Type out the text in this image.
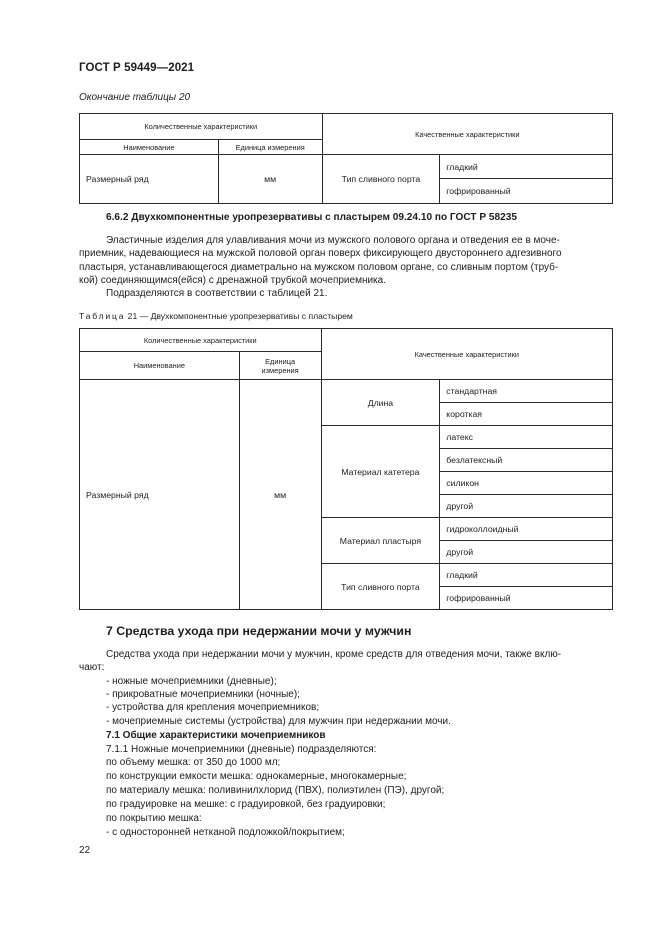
ГОСТ Р 59449—2021
Окончание таблицы 20
Количественные характеристики		Качественные характеристики	
Наименование	Единица измерения		
Размерный ряд	мм	Тип сливного порта	гладкий
			гофрированный
6.6.2 Двухкомпонентные уропрезервативы с пластырем 09.24.10 по ГОСТ Р 58235
Эластичные изделия для улавливания мочи из мужского полового органа и отведения ее в моче-
приемник, надевающиеся на мужской половой орган поверх фиксирующего двустороннего адгезивного
пластыря, устанавливающегося диаметрально на мужском половом органе, со сливным портом (труб-
кой) соединяющимся(ейся) с дренажной трубкой мочеприемника.
Подразделяются в соответствии с таблицей 21.
Таблица 21 — Двухкомпонентные уропрезервативы с пластырем
Количественные характеристики		Качественные характеристики	
Наименование	Единица
измерения		

Размерный ряд	мм	Длина	стандартная
			короткая
		Материал катетера	латекс
			безлатексный
			силикон
			другой
		Материал пластыря	гидроколлоидный
			другой
		Тип сливного порта	гладкий
			гофрированный
7 Средства ухода при недержании мочи у мужчин
Средства ухода при недержании мочи у мужчин, кроме средств для отведения мочи, также вклю-
чают:
- ножные мочеприемники (дневные);
- прикроватные мочеприемники (ночные);
- устройства для крепления мочеприемников;
- мочеприемные системы (устройства) для мужчин при недержании мочи.
7.1 Общие характеристики мочеприемников
7.1.1 Ножные мочеприемники (дневные) подразделяются:
по объему мешка: от 350 до 1000 мл;
по конструкции емкости мешка: однокамерные, многокамерные;
по материалу мешка: поливинилхлорид (ПВХ), полиэтилен (ПЭ), другой;
по градуировке на мешке: с градуировкой, без градуировки;
по покрытию мешка:
- с односторонней нетканой подложкой/покрытием;
22
